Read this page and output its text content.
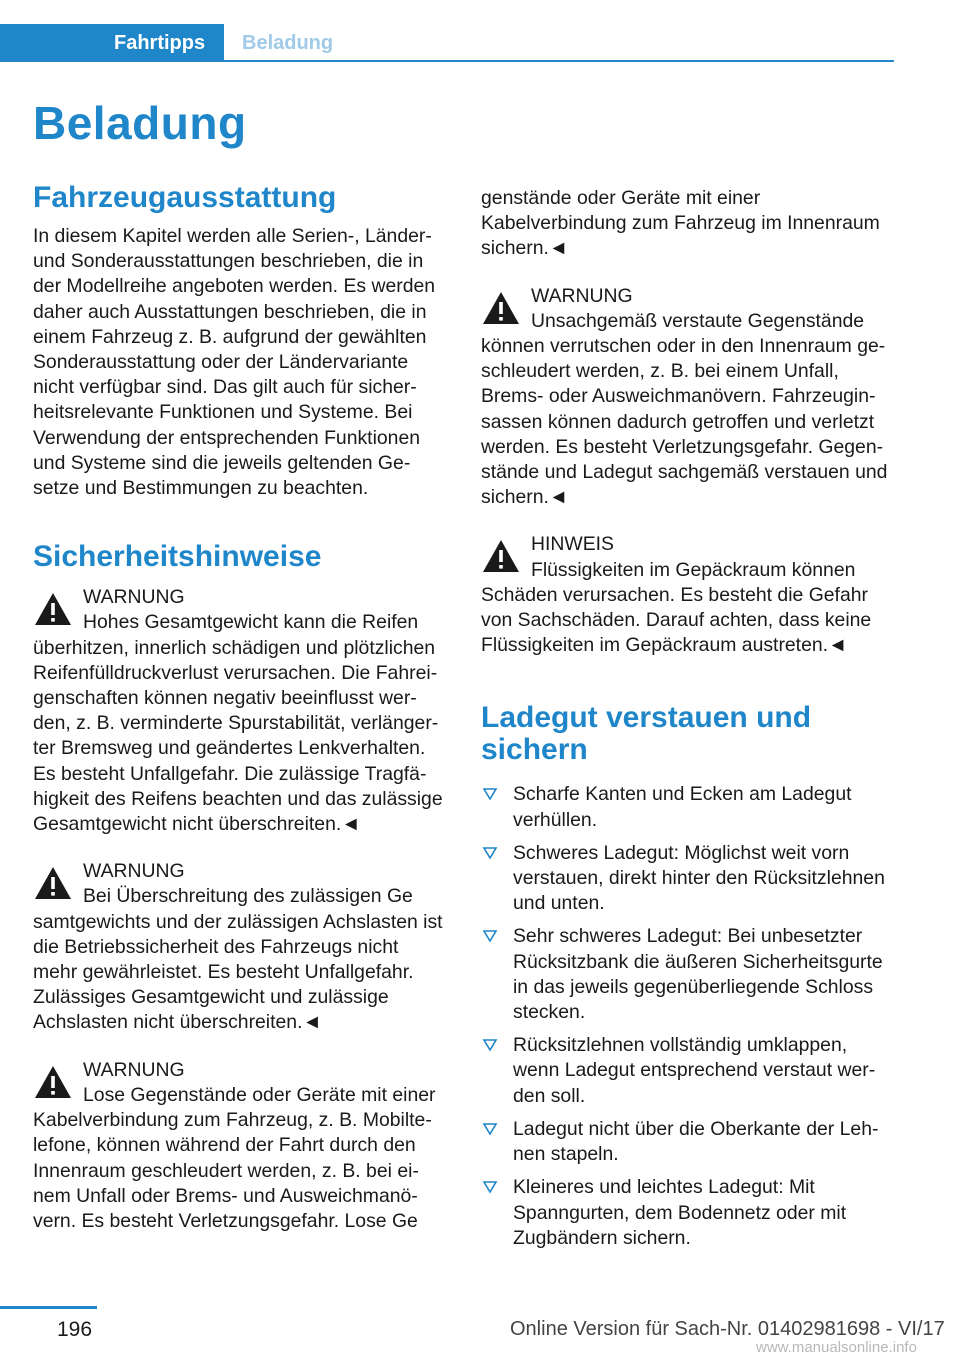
Fahrtipps	Beladung
Beladung
Fahrzeugausstattung

In diesem Kapitel werden alle Serien-, Länder- und Sonderausstattungen beschrieben, die in der Modellreihe angeboten werden. Es werden daher auch Ausstattungen beschrieben, die in einem Fahrzeug z. B. aufgrund der gewählten Sonderausstattung oder der Ländervariante nicht verfügbar sind. Das gilt auch für sicherheitsrelevante Funktionen und Systeme. Bei Verwendung der entsprechenden Funktionen und Systeme sind die jeweils geltenden Gesetze und Bestimmungen zu beachten.

Sicherheitshinweise
WARNUNG
Hohes Gesamtgewicht kann die Reifen

überhitzen, innerlich schädigen und plötzlichen Reifenfülldruckverlust verursachen. Die Fahreigenschaften können negativ beeinflusst werden, z. B. verminderte Spurstabilität, verlängerter Bremsweg und geändertes Lenkverhalten. Es besteht Unfallgefahr. Die zulässige Tragfähigkeit des Reifens beachten und das zulässige Gesamtgewicht nicht überschreiten.◄

WARNUNG
Bei Überschreitung des zulässigen Ge

samtgewichts und der zulässigen Achslasten ist die Betriebssicherheit des Fahrzeugs nicht mehr gewährleistet. Es besteht Unfallgefahr. Zulässiges Gesamtgewicht und zulässige Achslasten nicht überschreiten.◄

WARNUNG
Lose Gegenstände oder Geräte mit einer

Kabelverbindung zum Fahrzeug, z. B. Mobiltelefone, können während der Fahrt durch den Innenraum geschleudert werden, z. B. bei einem Unfall oder Brems- und Ausweichmanövern. Es besteht Verletzungsgefahr. Lose Ge

genstände oder Geräte mit einer Kabelverbindung zum Fahrzeug im Innenraum sichern.◄

WARNUNG
Unsachgemäß verstaute Gegenstände

können verrutschen oder in den Innenraum geschleudert werden, z. B. bei einem Unfall, Brems- oder Ausweichmanövern. Fahrzeuginsassen können dadurch getroffen und verletzt werden. Es besteht Verletzungsgefahr. Gegenstände und Ladegut sachgemäß verstauen und sichern.◄

HINWEIS
Flüssigkeiten im Gepäckraum können

Schäden verursachen. Es besteht die Gefahr von Sachschäden. Darauf achten, dass keine Flüssigkeiten im Gepäckraum austreten.◄

Ladegut verstauen und sichern
Scharfe Kanten und Ecken am Ladegut verhüllen.
Schweres Ladegut: Möglichst weit vorn verstauen, direkt hinter den Rücksitzlehnen und unten.
Sehr schweres Ladegut: Bei unbesetzter Rücksitzbank die äußeren Sicherheitsgurte in das jeweils gegenüberliegende Schloss stecken.
Rücksitzlehnen vollständig umklappen, wenn Ladegut entsprechend verstaut werden soll.
Ladegut nicht über die Oberkante der Lehnen stapeln.
Kleineres und leichtes Ladegut: Mit Spanngurten, dem Bodennetz oder mit Zugbändern sichern.
196	Online Version für Sach-Nr. 01402981698 - VI/17
www.manualsonline.info
